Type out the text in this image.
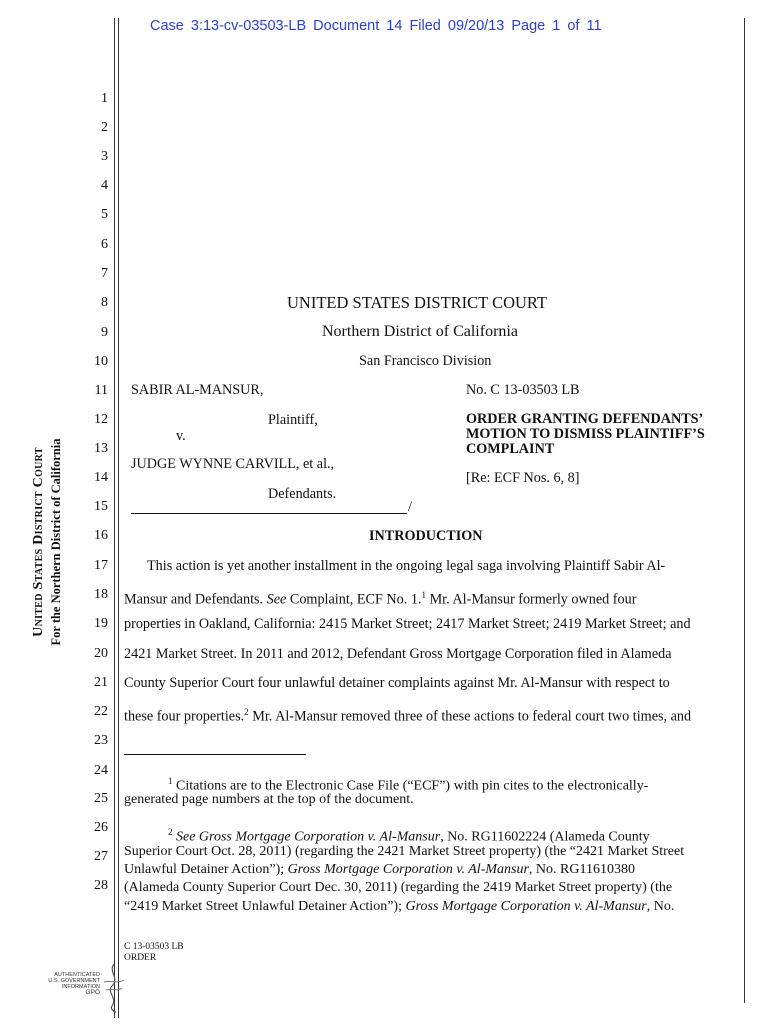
Case 3:13-cv-03503-LB Document 14 Filed 09/20/13 Page 1 of 11
1
2
3
4
5
6
7
8
9
10
11
12
13
14
15
16
17
18
19
20
21
22
23
24
25
26
27
28
United States District Court For the Northern District of California
UNITED STATES DISTRICT COURT
Northern District of California
San Francisco Division
SABIR AL-MANSUR,
Plaintiff,
v.
JUDGE WYNNE CARVILL, et al.,
Defendants.
/
No. C 13-03503 LB
ORDER GRANTING DEFENDANTS’
MOTION TO DISMISS PLAINTIFF’S
COMPLAINT
[Re: ECF Nos. 6, 8]
INTRODUCTION
This action is yet another installment in the ongoing legal saga involving Plaintiff Sabir Al-
Mansur and Defendants. See Complaint, ECF No. 1.$^1$ Mr. Al-Mansur formerly owned four
properties in Oakland, California: 2415 Market Street; 2417 Market Street; 2419 Market Street; and
2421 Market Street. In 2011 and 2012, Defendant Gross Mortgage Corporation filed in Alameda
County Superior Court four unlawful detainer complaints against Mr. Al-Mansur with respect to
these four properties.$^2$ Mr. Al-Mansur removed three of these actions to federal court two times, and
$^1$ Citations are to the Electronic Case File (“ECF”) with pin cites to the electronically-
generated page numbers at the top of the document.
$^2$ See Gross Mortgage Corporation v. Al-Mansur, No. RG11602224 (Alameda County
Superior Court Oct. 28, 2011) (regarding the 2421 Market Street property) (the “2421 Market Street
Unlawful Detainer Action”); Gross Mortgage Corporation v. Al-Mansur, No. RG11610380
(Alameda County Superior Court Dec. 30, 2011) (regarding the 2419 Market Street property) (the
“2419 Market Street Unlawful Detainer Action”); Gross Mortgage Corporation v. Al-Mansur, No.
C 13-03503 LB
ORDER
AUTHENTICATED
U.S. GOVERNMENT
INFORMATION
GPO
